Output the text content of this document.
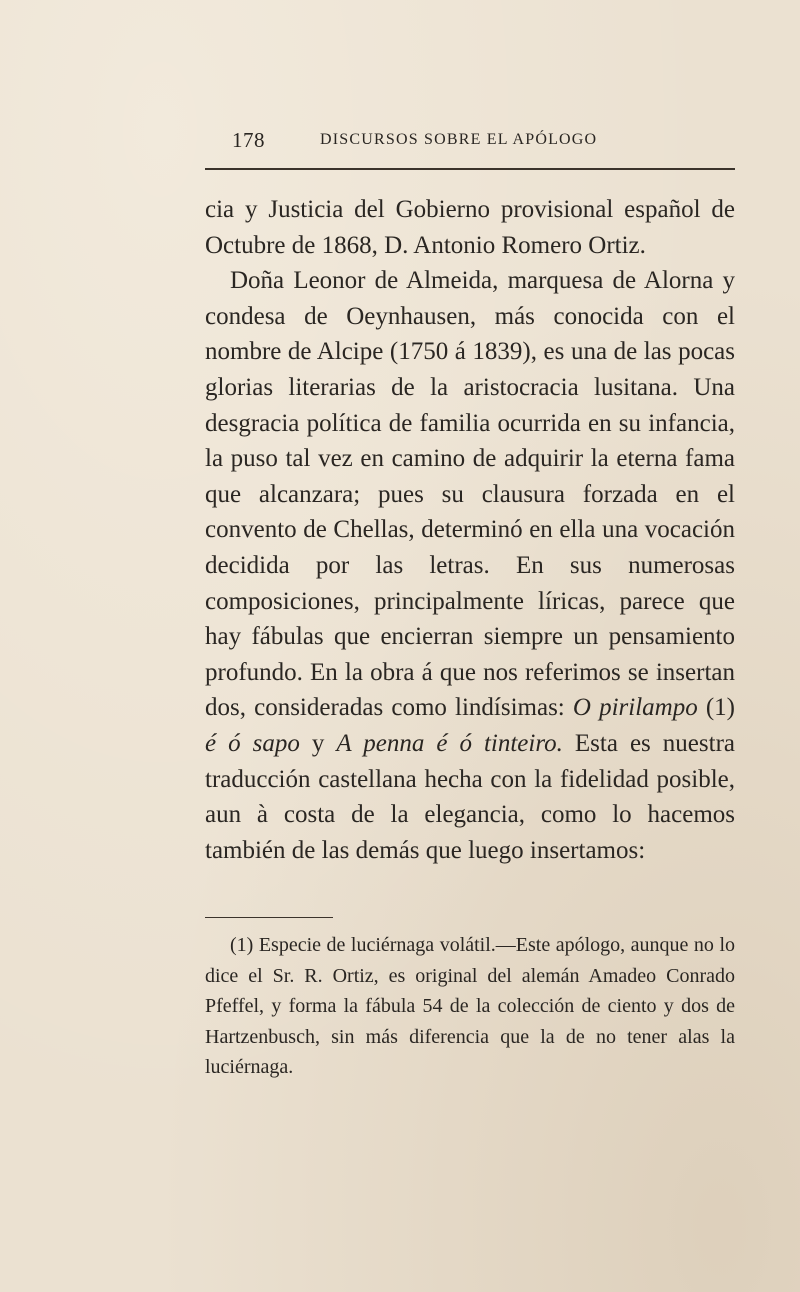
178	DISCURSOS SOBRE EL APÓLOGO

cia y Justicia del Gobierno provisional español de Octubre de 1868, D. Antonio Romero Ortiz.

Doña Leonor de Almeida, marquesa de Alorna y condesa de Oeynhausen, más conocida con el nombre de Alcipe (1750 á 1839), es una de las pocas glorias literarias de la aristocracia lusitana. Una desgracia política de familia ocurrida en su infancia, la puso tal vez en camino de adquirir la eterna fama que alcanzara; pues su clausura forzada en el convento de Chellas, determinó en ella una vocación decidida por las letras. En sus numerosas composiciones, principalmente líricas, parece que hay fábulas que encierran siempre un pensamiento profundo. En la obra á que nos referimos se insertan dos, consideradas como lindísimas: O pirilampo (1) é ó sapo y A penna é ó tinteiro. Esta es nuestra traducción castellana hecha con la fidelidad posible, aun à costa de la elegancia, como lo hacemos también de las demás que luego insertamos:

(1) Especie de luciérnaga volátil.—Este apólogo, aunque no lo dice el Sr. R. Ortiz, es original del alemán Amadeo Conrado Pfeffel, y forma la fábula 54 de la colección de ciento y dos de Hartzenbusch, sin más diferencia que la de no tener alas la luciérnaga.
